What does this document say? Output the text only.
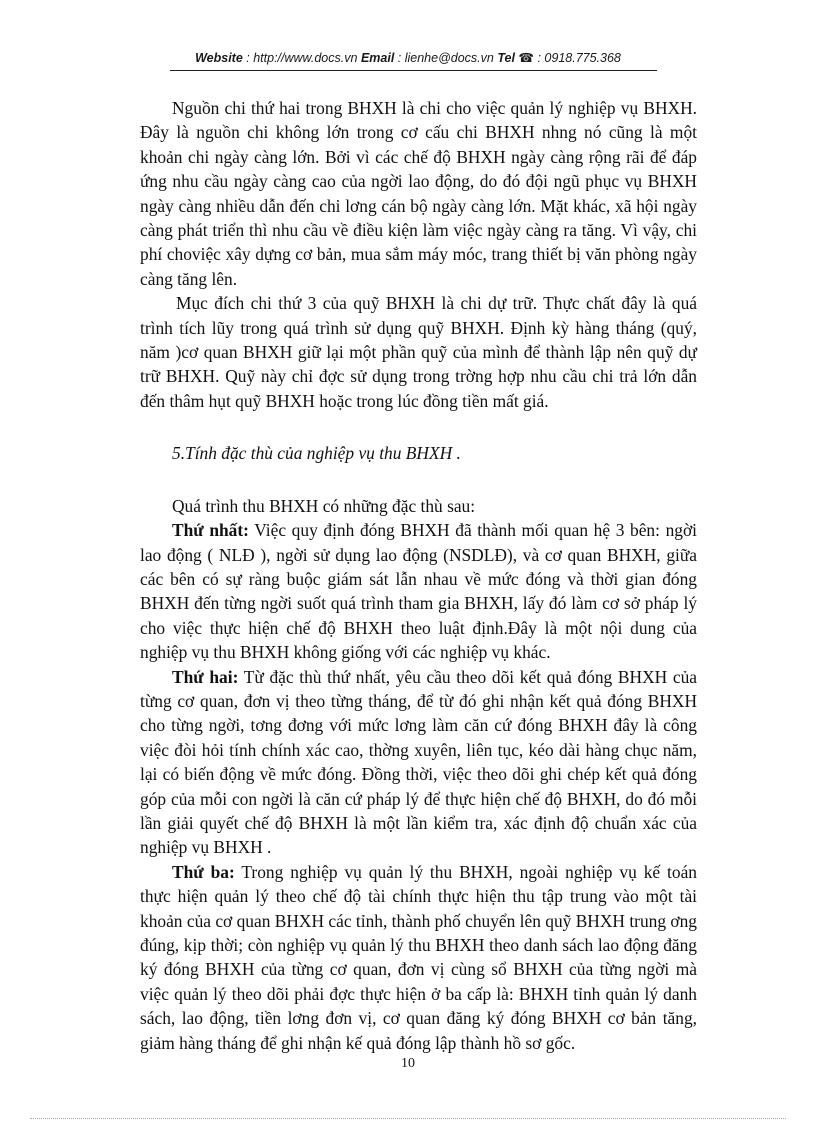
Website : http://www.docs.vn Email : lienhe@docs.vn Tel ☎ : 0918.775.368

Nguồn chi thứ hai trong BHXH là chi cho việc quản lý nghiệp vụ BHXH. Đây là nguồn chi không lớn trong cơ cấu chi BHXH nhng nó cũng là một khoản chi ngày càng lớn. Bởi vì các chế độ BHXH ngày càng rộng rãi để đáp ứng nhu cầu ngày càng cao của ngời lao động, do đó đội ngũ phục vụ BHXH ngày càng nhiều dẫn đến chi lơng cán bộ ngày càng lớn. Mặt khác, xã hội ngày càng phát triển thì nhu cầu về điều kiện làm việc ngày càng ra tăng. Vì vậy, chi phí choviệc xây dựng cơ bản, mua sắm máy móc, trang thiết bị văn phòng ngày càng tăng lên.

Mục đích chi thứ 3 của quỹ BHXH là chi dự trữ. Thực chất đây là quá trình tích lũy trong quá trình sử dụng quỹ BHXH. Định kỳ hàng tháng (quý, năm )cơ quan BHXH giữ lại một phần quỹ của mình để thành lập nên quỹ dự trữ BHXH. Quỹ này chỉ đợc sử dụng trong trờng hợp nhu cầu chi trả lớn dẫn đến thâm hụt quỹ BHXH hoặc trong lúc đồng tiền mất giá.

5.Tính đặc thù của nghiệp vụ thu BHXH .

Quá trình thu BHXH có những đặc thù sau:

Thứ nhất: Việc quy định đóng BHXH đã thành mối quan hệ 3 bên: ngời lao động ( NLĐ ), ngời sử dụng lao động (NSDLĐ), và cơ quan BHXH, giữa các bên có sự ràng buộc giám sát lẫn nhau về mức đóng và thời gian đóng BHXH đến từng ngời suốt quá trình tham gia BHXH, lấy đó làm cơ sở pháp lý cho việc thực hiện chế độ BHXH theo luật định.Đây là một nội dung của nghiệp vụ thu BHXH không giống với các nghiệp vụ khác.

Thứ hai: Từ đặc thù thứ nhất, yêu cầu theo dõi kết quả đóng BHXH của từng cơ quan, đơn vị theo từng tháng, để từ đó ghi nhận kết quả đóng BHXH cho từng ngời, tơng đơng với mức lơng làm căn cứ đóng BHXH đây là công việc đòi hỏi tính chính xác cao, thờng xuyên, liên tục, kéo dài hàng chục năm, lại có biến động về mức đóng. Đồng thời, việc theo dõi ghi chép kết quả đóng góp của mỗi con ngời là căn cứ pháp lý để thực hiện chế độ BHXH, do đó mỗi lần giải quyết chế độ BHXH là một lần kiểm tra, xác định độ chuẩn xác của nghiệp vụ BHXH .

Thứ ba: Trong nghiệp vụ quản lý thu BHXH, ngoài nghiệp vụ kế toán thực hiện quản lý theo chế độ tài chính thực hiện thu tập trung vào một tài khoản của cơ quan BHXH các tỉnh, thành phố chuyển lên quỹ BHXH trung ơng đúng, kịp thời; còn nghiệp vụ quản lý thu BHXH theo danh sách lao động đăng ký đóng BHXH của từng cơ quan, đơn vị cùng sổ BHXH của từng ngời mà việc quản lý theo dõi phải đợc thực hiện ở ba cấp là: BHXH tỉnh quản lý danh sách, lao động, tiền lơng đơn vị, cơ quan đăng ký đóng BHXH cơ bản tăng, giảm hàng tháng để ghi nhận kế quả đóng lập thành hồ sơ gốc.

10
